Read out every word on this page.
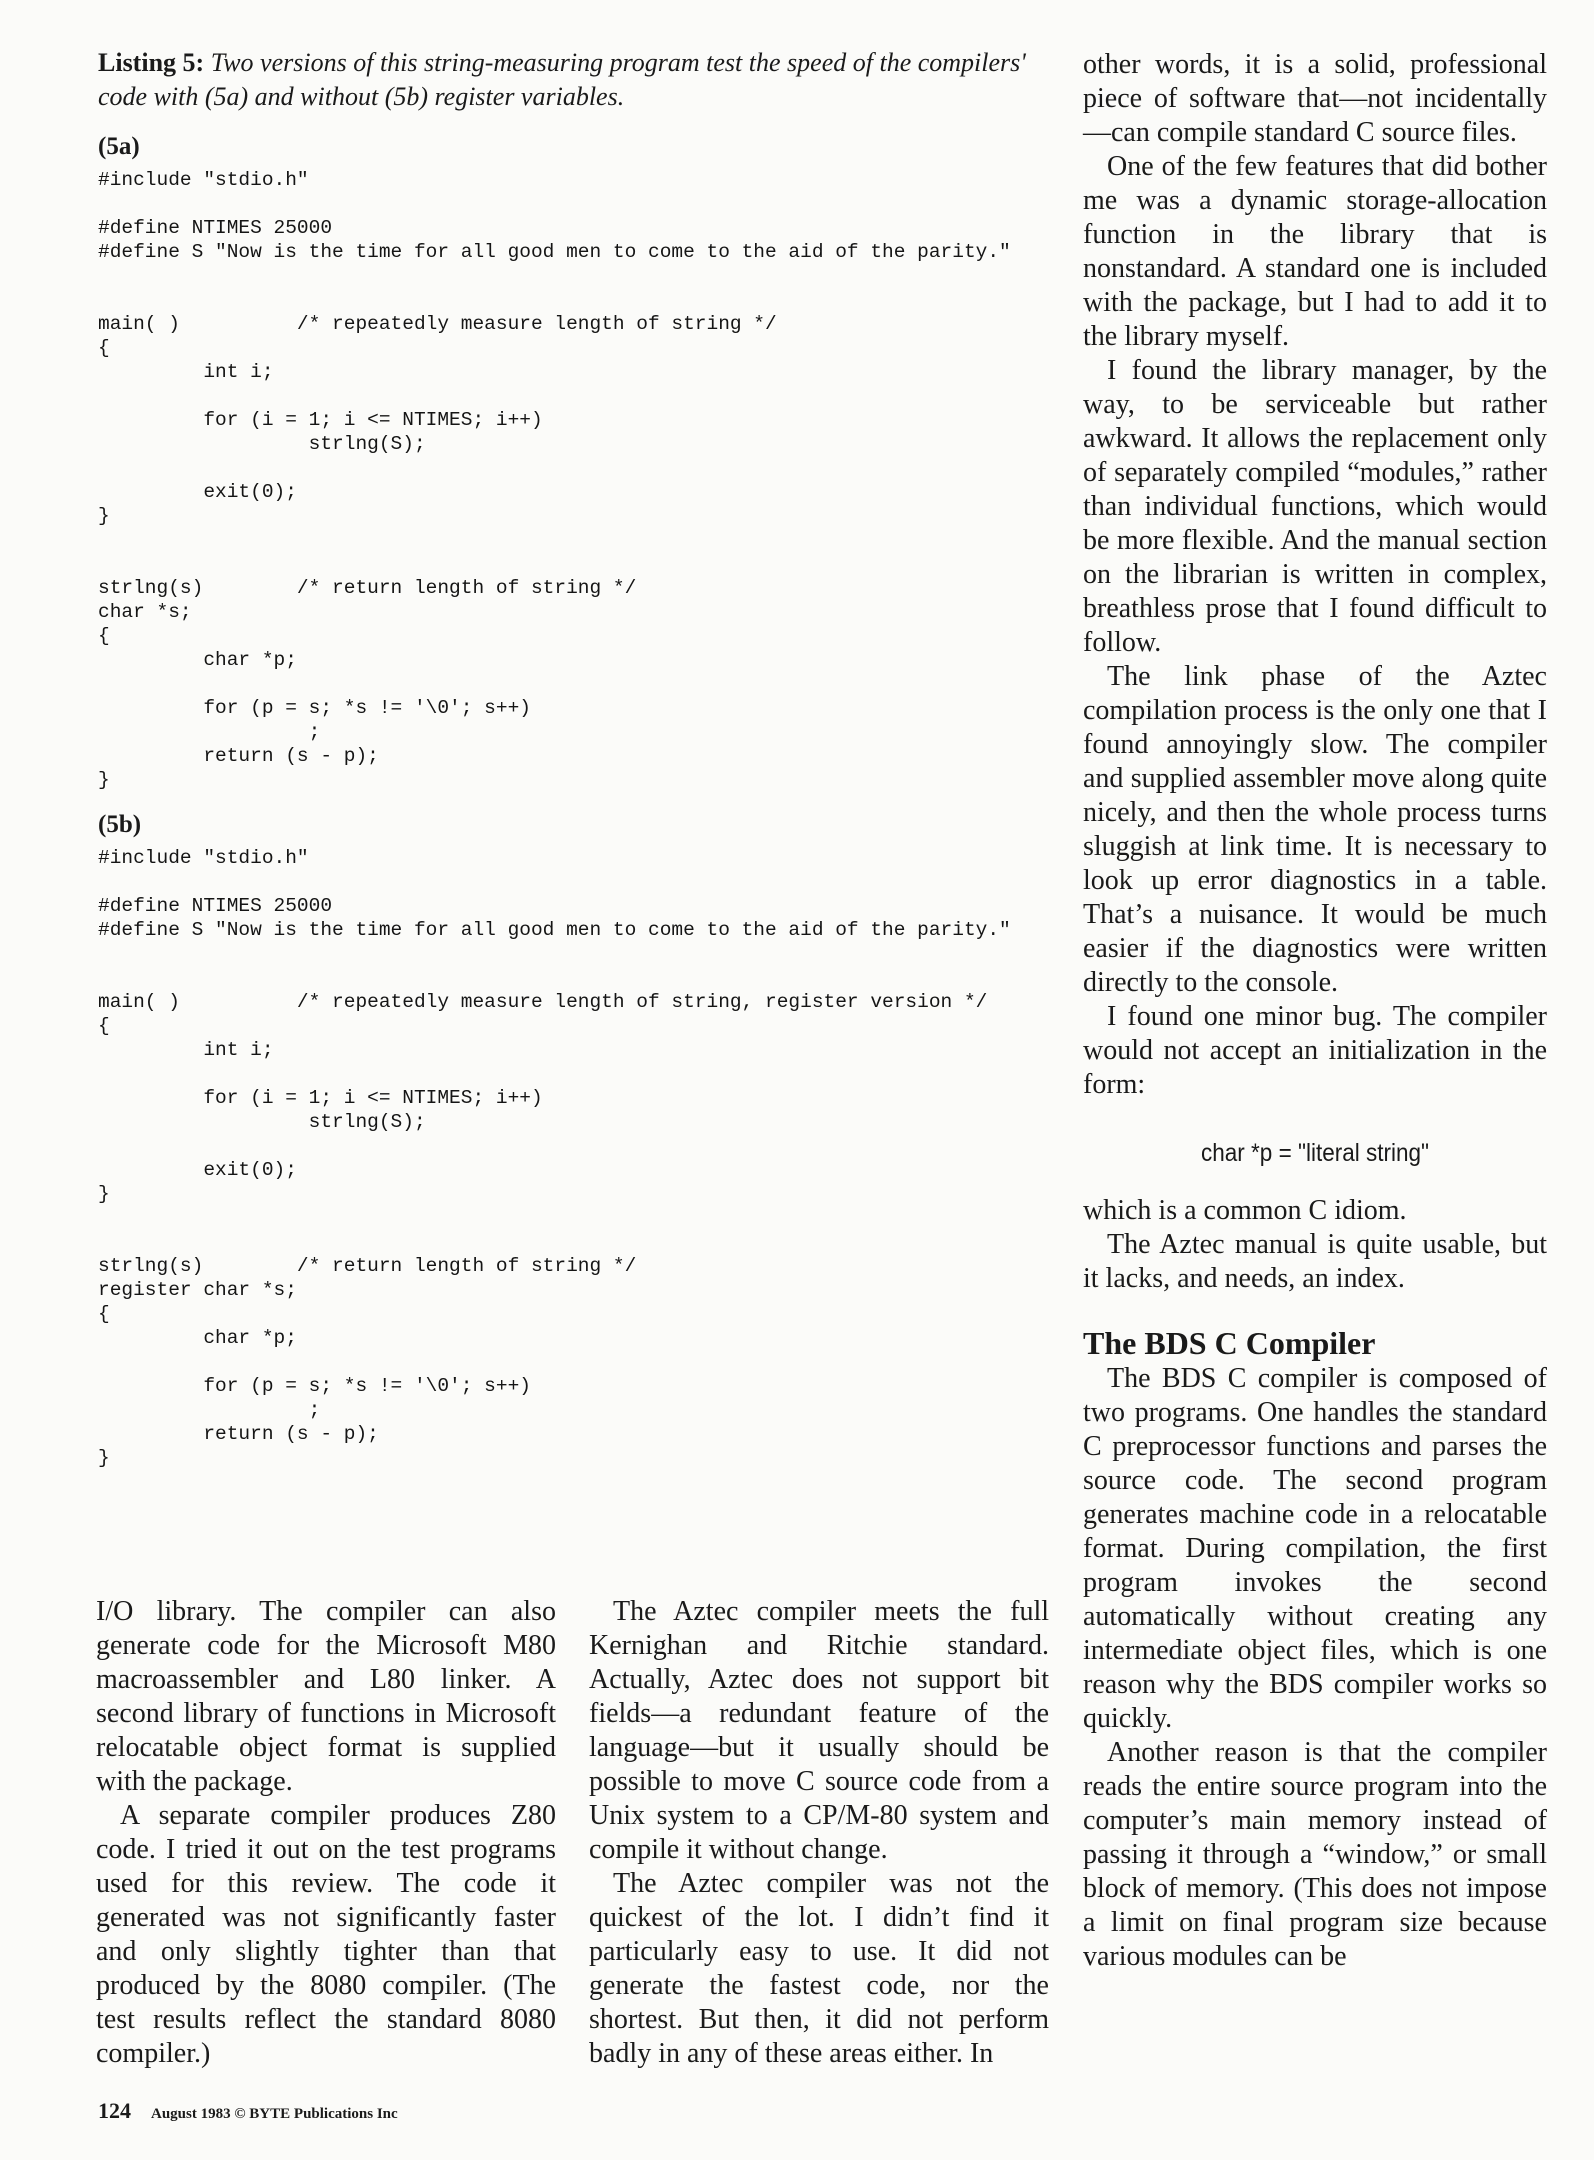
Listing 5: Two versions of this string-measuring program test the speed of the compilers' code with (5a) and without (5b) register variables.

(5a)
#include "stdio.h"

#define NTIMES 25000
#define S "Now is the time for all good men to come to the aid of the parity."

main( )          /* repeatedly measure length of string */
{
int i;

for (i = 1; i <= NTIMES; i++)
strlng(S);

exit(0);
}

strlng(s)        /* return length of string */
char *s;
{
char *p;

for (p = s; *s != '\0'; s++)
;
return (s - p);
}
(5b)
#include "stdio.h"

#define NTIMES 25000
#define S "Now is the time for all good men to come to the aid of the parity."

main( )          /* repeatedly measure length of string, register version */
{
int i;

for (i = 1; i <= NTIMES; i++)
strlng(S);

exit(0);
}

strlng(s)        /* return length of string */
register char *s;
{
char *p;

for (p = s; *s != '\0'; s++)
;
return (s - p);
}

other words, it is a solid, professional piece of software that—not incidentally—can compile standard C source files.

One of the few features that did bother me was a dynamic storage-allocation function in the library that is nonstandard. A standard one is included with the package, but I had to add it to the library myself.

I found the library manager, by the way, to be serviceable but rather awkward. It allows the replacement only of separately compiled “modules,” rather than individual functions, which would be more flexible. And the manual section on the librarian is written in complex, breathless prose that I found difficult to follow.

The link phase of the Aztec compilation process is the only one that I found annoyingly slow. The compiler and supplied assembler move along quite nicely, and then the whole process turns sluggish at link time. It is necessary to look up error diagnostics in a table. That’s a nuisance. It would be much easier if the diagnostics were written directly to the console.

I found one minor bug. The compiler would not accept an initialization in the form:

char *p = "literal string"

which is a common C idiom.

The Aztec manual is quite usable, but it lacks, and needs, an index.

The BDS C Compiler

The BDS C compiler is composed of two programs. One handles the standard C preprocessor functions and parses the source code. The second program generates machine code in a relocatable format. During compilation, the first program invokes the second automatically without creating any intermediate object files, which is one reason why the BDS compiler works so quickly.

Another reason is that the compiler reads the entire source program into the computer’s main memory instead of passing it through a “window,” or small block of memory. (This does not impose a limit on final program size because various modules can be

I/O library. The compiler can also generate code for the Microsoft M80 macroassembler and L80 linker. A second library of functions in Microsoft relocatable object format is supplied with the package.

A separate compiler produces Z80 code. I tried it out on the test programs used for this review. The code it generated was not significantly faster and only slightly tighter than that produced by the 8080 compiler. (The test results reflect the standard 8080 compiler.)

The Aztec compiler meets the full Kernighan and Ritchie standard. Actually, Aztec does not support bit fields—a redundant feature of the language—but it usually should be possible to move C source code from a Unix system to a CP/M-80 system and compile it without change.

The Aztec compiler was not the quickest of the lot. I didn’t find it particularly easy to use. It did not generate the fastest code, nor the shortest. But then, it did not perform badly in any of these areas either. In

124 August 1983 © BYTE Publications Inc
